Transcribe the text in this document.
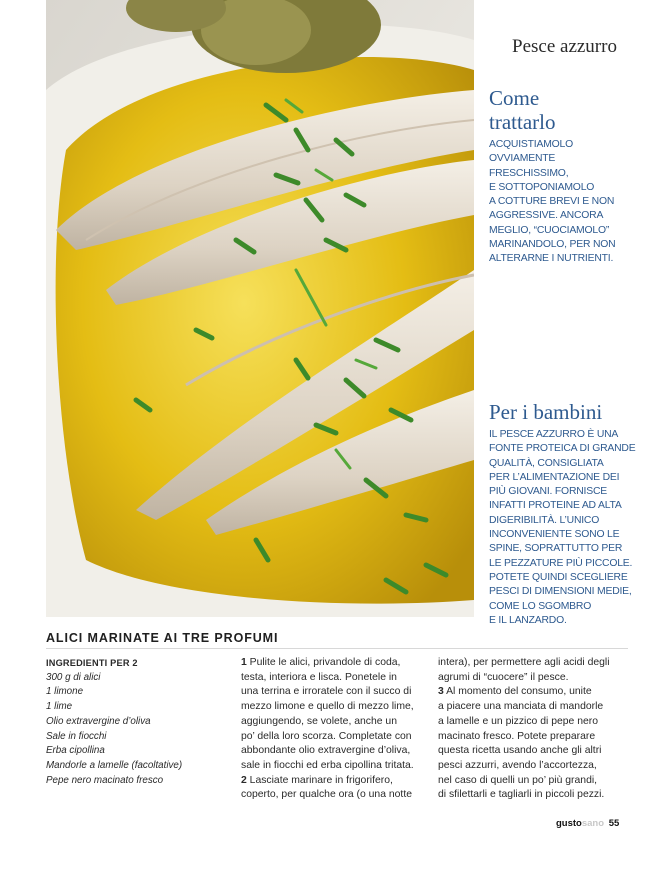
Pesce azzurro
Come
trattarlo

ACQUISTIAMOLO
OVVIAMENTE
FRESCHISSIMO,
E SOTTOPONIAMOLO
A COTTURE BREVI E NON
AGGRESSIVE. ANCORA
MEGLIO, “CUOCIAMOLO”
MARINANDOLO, PER NON
ALTERARNE I NUTRIENTI.

Per i bambini

IL PESCE AZZURRO È UNA
FONTE PROTEICA DI GRANDE
QUALITÀ, CONSIGLIATA
PER L’ALIMENTAZIONE DEI
PIÙ GIOVANI. FORNISCE
INFATTI PROTEINE AD ALTA
DIGERIBILITÀ. L’UNICO
INCONVENIENTE SONO LE
SPINE, SOPRATTUTTO PER
LE PEZZATURE PIÙ PICCOLE.
POTETE QUINDI SCEGLIERE
PESCI DI DIMENSIONI MEDIE,
COME LO SGOMBRO
E IL LANZARDO.

ALICI MARINATE AI TRE PROFUMI
INGREDIENTI PER 2
300 g di alici
1 limone
1 lime
Olio extravergine d’oliva
Sale in fiocchi
Erba cipollina
Mandorle a lamelle (facoltative)
Pepe nero macinato fresco

1 Pulite le alici, privandole di coda,
testa, interiora e lisca. Ponetele in
una terrina e irroratele con il succo di
mezzo limone e quello di mezzo lime,
aggiungendo, se volete, anche un
po’ della loro scorza. Completate con
abbondante olio extravergine d’oliva,
sale in fiocchi ed erba cipollina tritata.
2 Lasciate marinare in frigorifero,
coperto, per qualche ora (o una notte

intera), per permettere agli acidi degli
agrumi di “cuocere” il pesce.
3 Al momento del consumo, unite
a piacere una manciata di mandorle
a lamelle e un pizzico di pepe nero
macinato fresco. Potete preparare
questa ricetta usando anche gli altri
pesci azzurri, avendo l’accortezza,
nel caso di quelli un po’ più grandi,
di sfilettarli e tagliarli in piccoli pezzi.

gustosano 55
